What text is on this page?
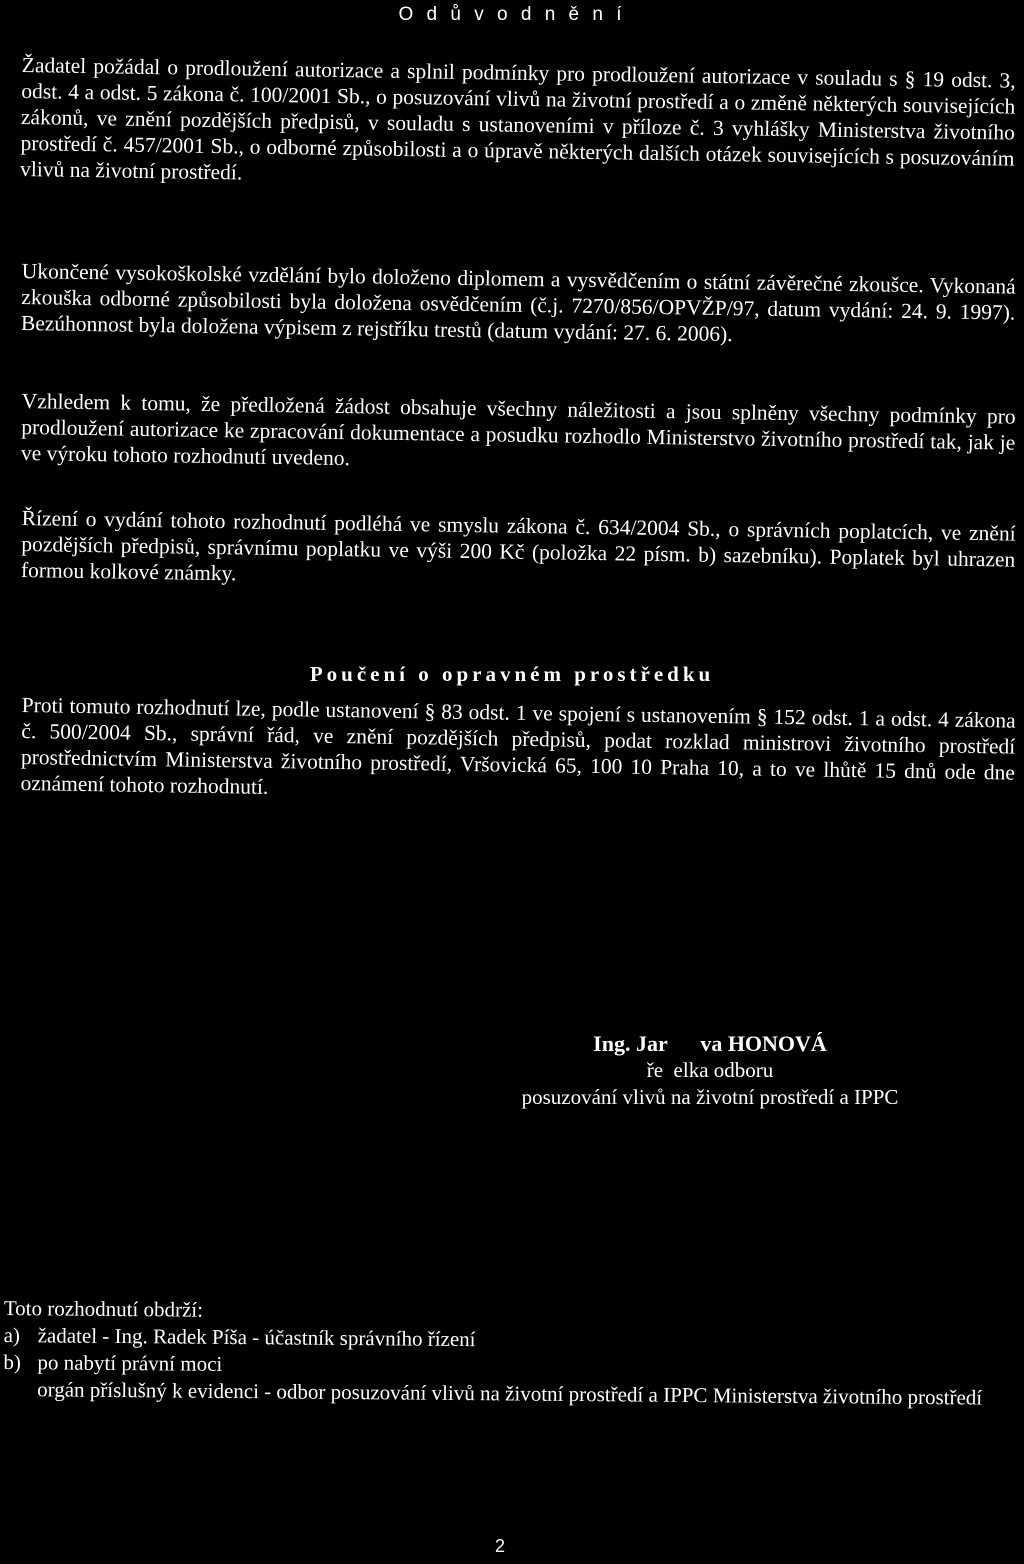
O d ů v o d n ě n í

Žadatel požádal o prodloužení autorizace a splnil podmínky pro prodloužení autorizace v souladu s § 19 odst. 3, odst. 4 a odst. 5 zákona č. 100/2001 Sb., o posuzování vlivů na životní prostředí a o změně některých souvisejících zákonů, ve znění pozdějších předpisů, v souladu s ustanoveními v příloze č. 3 vyhlášky Ministerstva životního prostředí č. 457/2001 Sb., o odborné způsobilosti a o úpravě některých dalších otázek souvisejících s posuzováním vlivů na životní prostředí.

Ukončené vysokoškolské vzdělání bylo doloženo diplomem a vysvědčením o státní závěrečné zkoušce. Vykonaná zkouška odborné způsobilosti byla doložena osvědčením (č.j. 7270/856/OPVŽP/97, datum vydání: 24. 9. 1997). Bezúhonnost byla doložena výpisem z rejstříku trestů (datum vydání: 27. 6. 2006).

Vzhledem k tomu, že předložená žádost obsahuje všechny náležitosti a jsou splněny všechny podmínky pro prodloužení autorizace ke zpracování dokumentace a posudku rozhodlo Ministerstvo životního prostředí tak, jak je ve výroku tohoto rozhodnutí uvedeno.

Řízení o vydání tohoto rozhodnutí podléhá ve smyslu zákona č. 634/2004 Sb., o správních poplatcích, ve znění pozdějších předpisů, správnímu poplatku ve výši 200 Kč (položka 22 písm. b) sazebníku). Poplatek byl uhrazen formou kolkové známky.

Poučení o opravném prostředku

Proti tomuto rozhodnutí lze, podle ustanovení § 83 odst. 1 ve spojení s ustanovením § 152 odst. 1 a odst. 4 zákona č. 500/2004 Sb., správní řád, ve znění pozdějších předpisů, podat rozklad ministrovi životního prostředí prostřednictvím Ministerstva životního prostředí, Vršovická 65, 100 10 Praha 10, a to ve lhůtě 15 dnů ode dne oznámení tohoto rozhodnutí.

Ing. Jar      va HONOVÁ
ře  elka odboru
posuzování vlivů na životní prostředí a IPPC
Toto rozhodnutí obdrží:
a) žadatel - Ing. Radek Píša - účastník správního řízení
b) po nabytí právní moci
orgán příslušný k evidenci - odbor posuzování vlivů na životní prostředí a IPPC Ministerstva životního prostředí
2
